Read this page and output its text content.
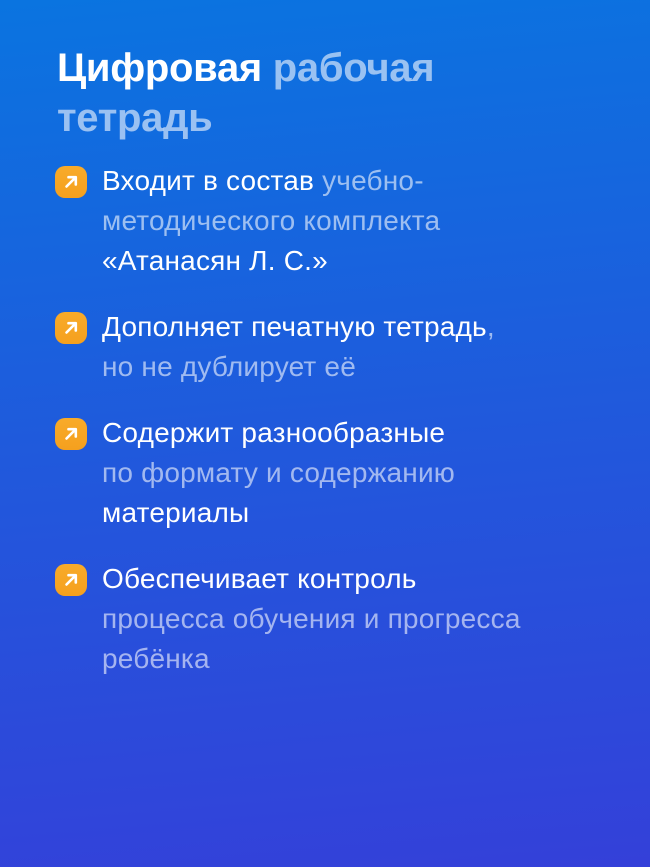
Цифровая рабочая
тетрадь
Входит в состав учебно-
методического комплекта
«Атанасян Л. С.»
Дополняет печатную тетрадь,
но не дублирует её
Содержит разнообразные
по формату и содержанию
материалы
Обеспечивает контроль
процесса обучения и прогресса
ребёнка
